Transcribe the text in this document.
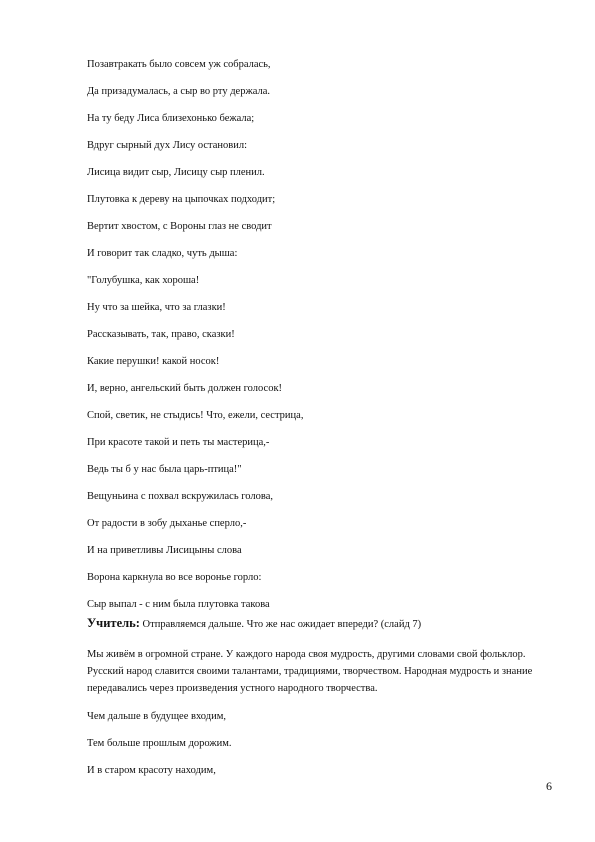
Позавтракать было совсем уж собралась,
Да призадумалась, а сыр во рту держала.
На ту беду Лиса близехонько бежала;
Вдруг сырный дух Лису остановил:
Лисица видит сыр, Лисицу сыр пленил.
Плутовка к дереву на цыпочках подходит;
Вертит хвостом, с Вороны глаз не сводит
И говорит так сладко, чуть дыша:
"Голубушка, как хороша!
Ну что за шейка, что за глазки!
Рассказывать, так, право, сказки!
Какие перушки! какой носок!
И, верно, ангельский быть должен голосок!
Спой, светик, не стыдись! Что, ежели, сестрица,
При красоте такой и петь ты мастерица,-
Ведь ты б у нас была царь-птица!"
Вещуньина с похвал вскружилась голова,
От радости в зобу дыханье сперло,-
И на приветливы Лисицыны слова
Ворона каркнула во все воронье горло:
Сыр выпал - с ним была плутовка такова
Учитель: Отправляемся дальше. Что же нас ожидает впереди? (слайд 7)

Мы живём в огромной стране. У каждого народа своя мудрость, другими словами свой фольклор. Русский народ славится своими талантами, традициями, творчеством. Народная мудрость и знание передавались через произведения устного народного творчества.

Чем дальше в будущее входим,
Тем больше прошлым дорожим.
И в старом красоту находим,
6
